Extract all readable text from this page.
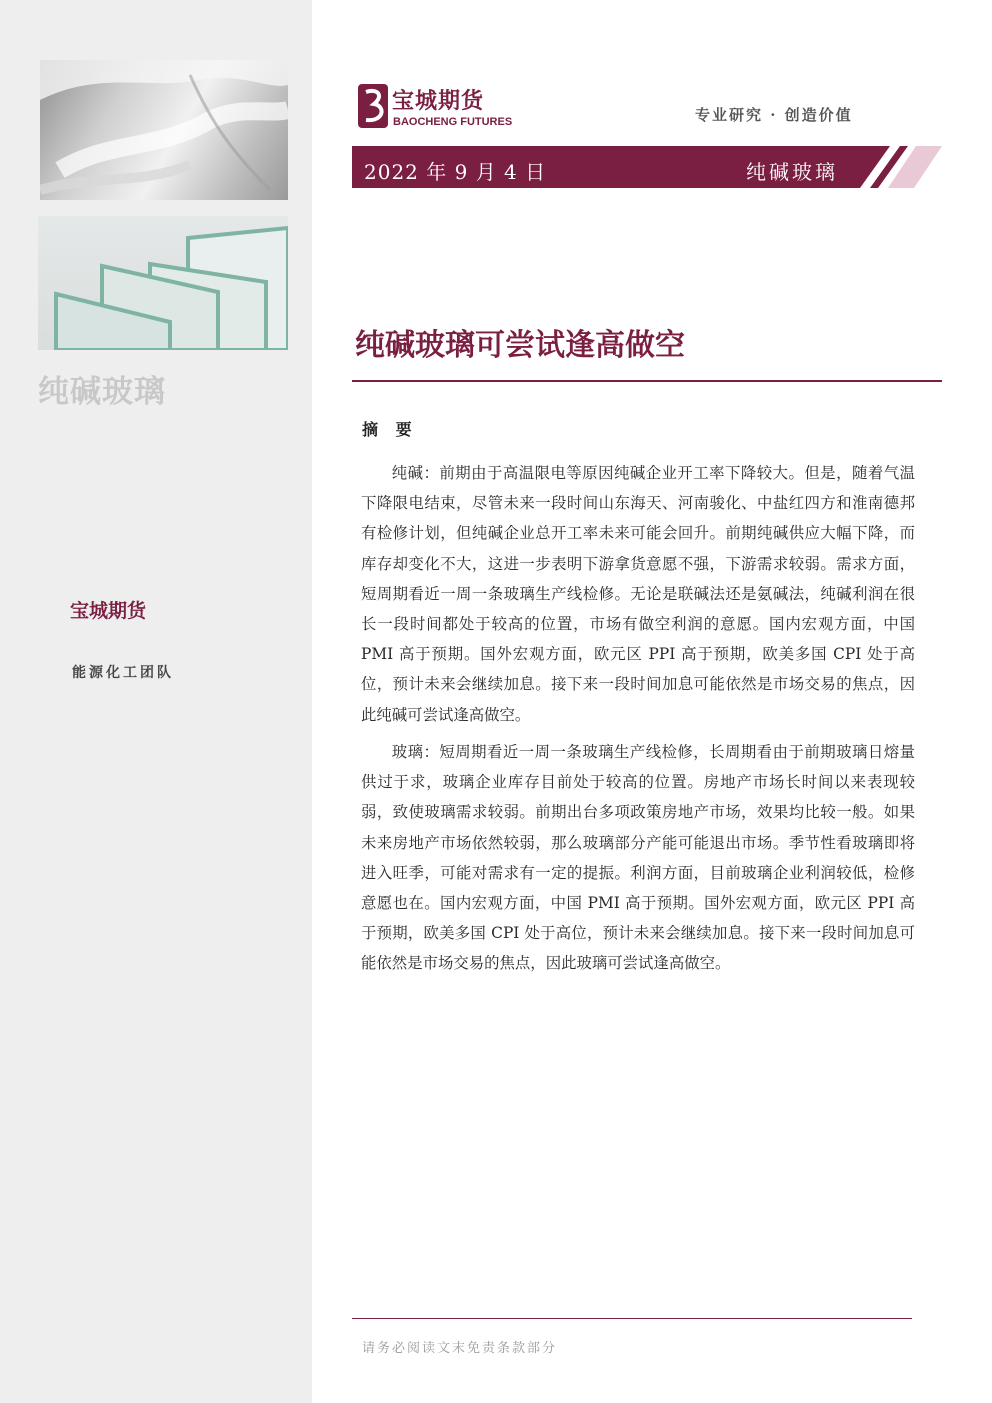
纯碱玻璃
宝城期货
能源化工团队
宝城期货
BAOCHENG FUTURES	专业研究 · 创造价值
2022 年 9 月 4 日	纯碱玻璃
纯碱玻璃可尝试逢高做空
摘 要

纯碱：前期由于高温限电等原因纯碱企业开工率下降较大。但是，随着气温下降限电结束，尽管未来一段时间山东海天、河南骏化、中盐红四方和淮南德邦有检修计划，但纯碱企业总开工率未来可能会回升。前期纯碱供应大幅下降，而库存却变化不大，这进一步表明下游拿货意愿不强，下游需求较弱。需求方面，短周期看近一周一条玻璃生产线检修。无论是联碱法还是氨碱法，纯碱利润在很长一段时间都处于较高的位置，市场有做空利润的意愿。国内宏观方面，中国 PMI 高于预期。国外宏观方面，欧元区 PPI 高于预期，欧美多国 CPI 处于高位，预计未来会继续加息。接下来一段时间加息可能依然是市场交易的焦点，因此纯碱可尝试逢高做空。

玻璃：短周期看近一周一条玻璃生产线检修，长周期看由于前期玻璃日熔量供过于求，玻璃企业库存目前处于较高的位置。房地产市场长时间以来表现较弱，致使玻璃需求较弱。前期出台多项政策房地产市场，效果均比较一般。如果未来房地产市场依然较弱，那么玻璃部分产能可能退出市场。季节性看玻璃即将进入旺季，可能对需求有一定的提振。利润方面，目前玻璃企业利润较低，检修意愿也在。国内宏观方面，中国 PMI 高于预期。国外宏观方面，欧元区 PPI 高于预期，欧美多国 CPI 处于高位，预计未来会继续加息。接下来一段时间加息可能依然是市场交易的焦点，因此玻璃可尝试逢高做空。

请务必阅读文末免责条款部分
